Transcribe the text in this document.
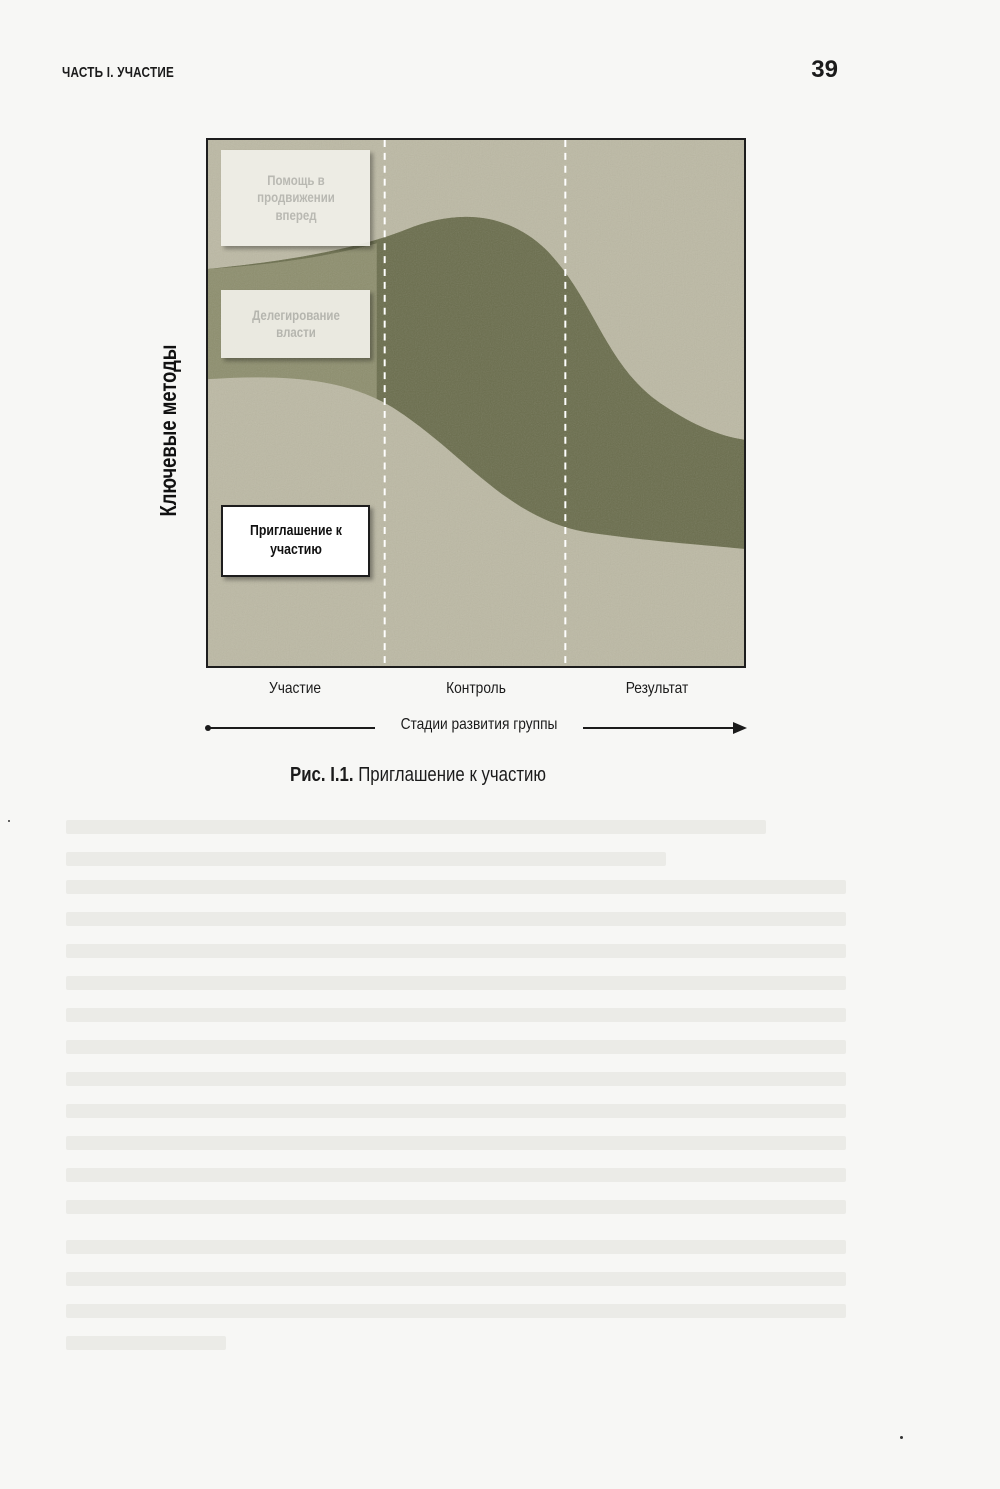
ЧАСТЬ I. УЧАСТИЕ	39
Ключевые методы
Помощь в продвижении вперед
Делегирование власти
Приглашение к участию
Участие	Контроль	Результат
Стадии развития группы
Рис. I.1. Приглашение к участию
